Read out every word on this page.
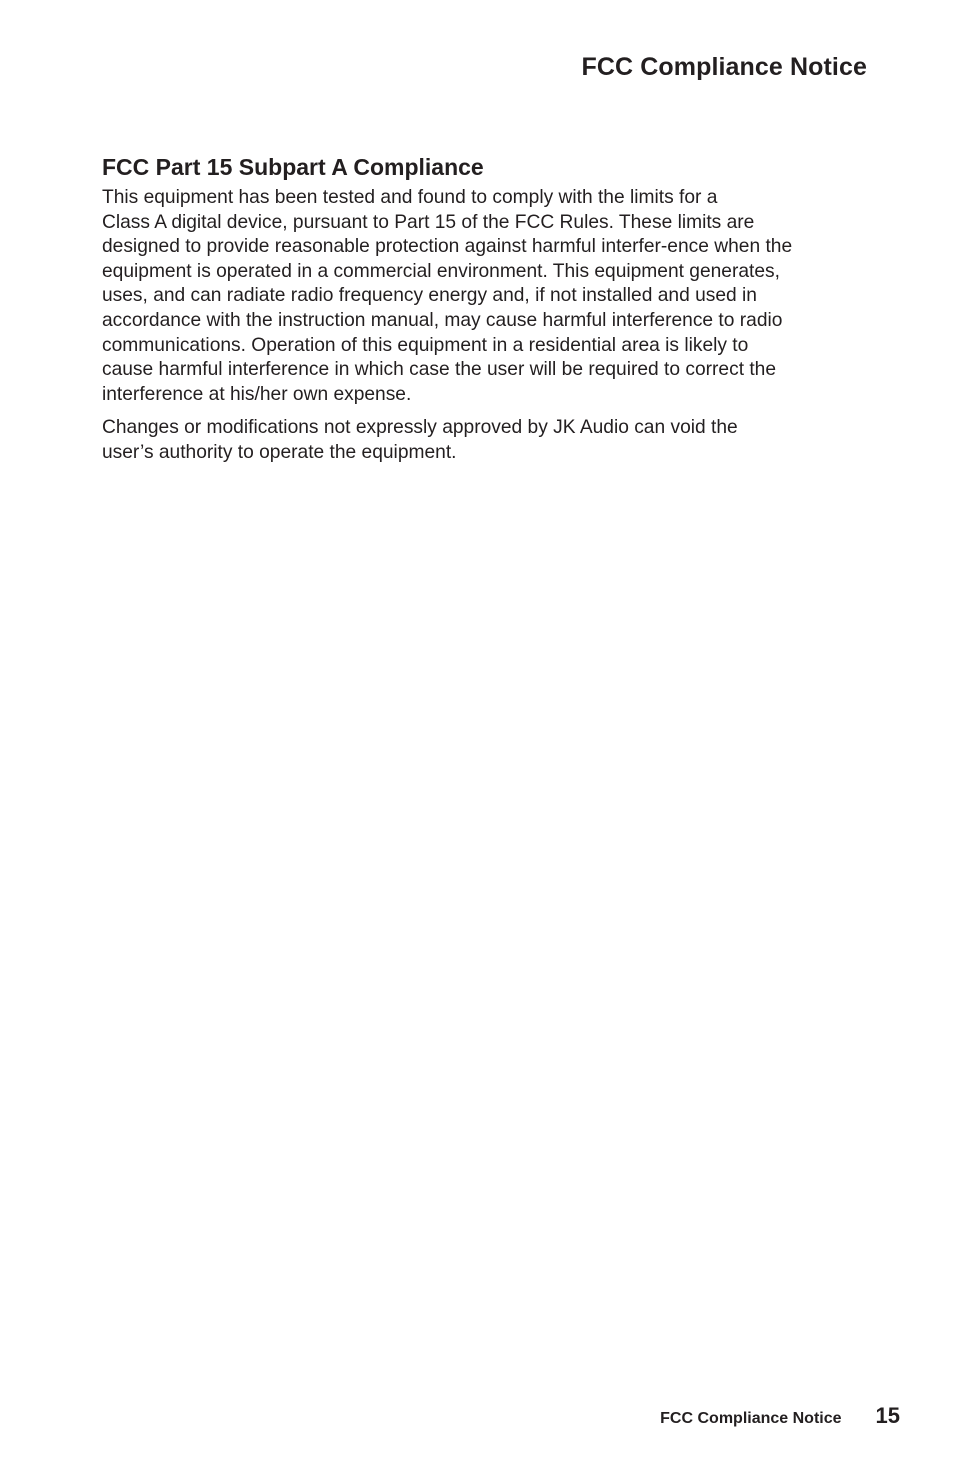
FCC Compliance Notice
FCC Part 15 Subpart A Compliance

This equipment has been tested and found to comply with the limits for a
Class A digital device, pursuant to Part 15 of the FCC Rules. These limits are
designed to provide reasonable protection against harmful interfer-ence when the
equipment is operated in a commercial environment. This equipment generates,
uses, and can radiate radio frequency energy and, if not installed and used in
accordance with the instruction manual, may cause harmful interference to radio
communications. Operation of this equipment in a residential area is likely to
cause harmful interference in which case the user will be required to correct the
interference at his/her own expense.

Changes or modifications not expressly approved by JK Audio can void the
user’s authority to operate the equipment.

FCC Compliance Notice 15
